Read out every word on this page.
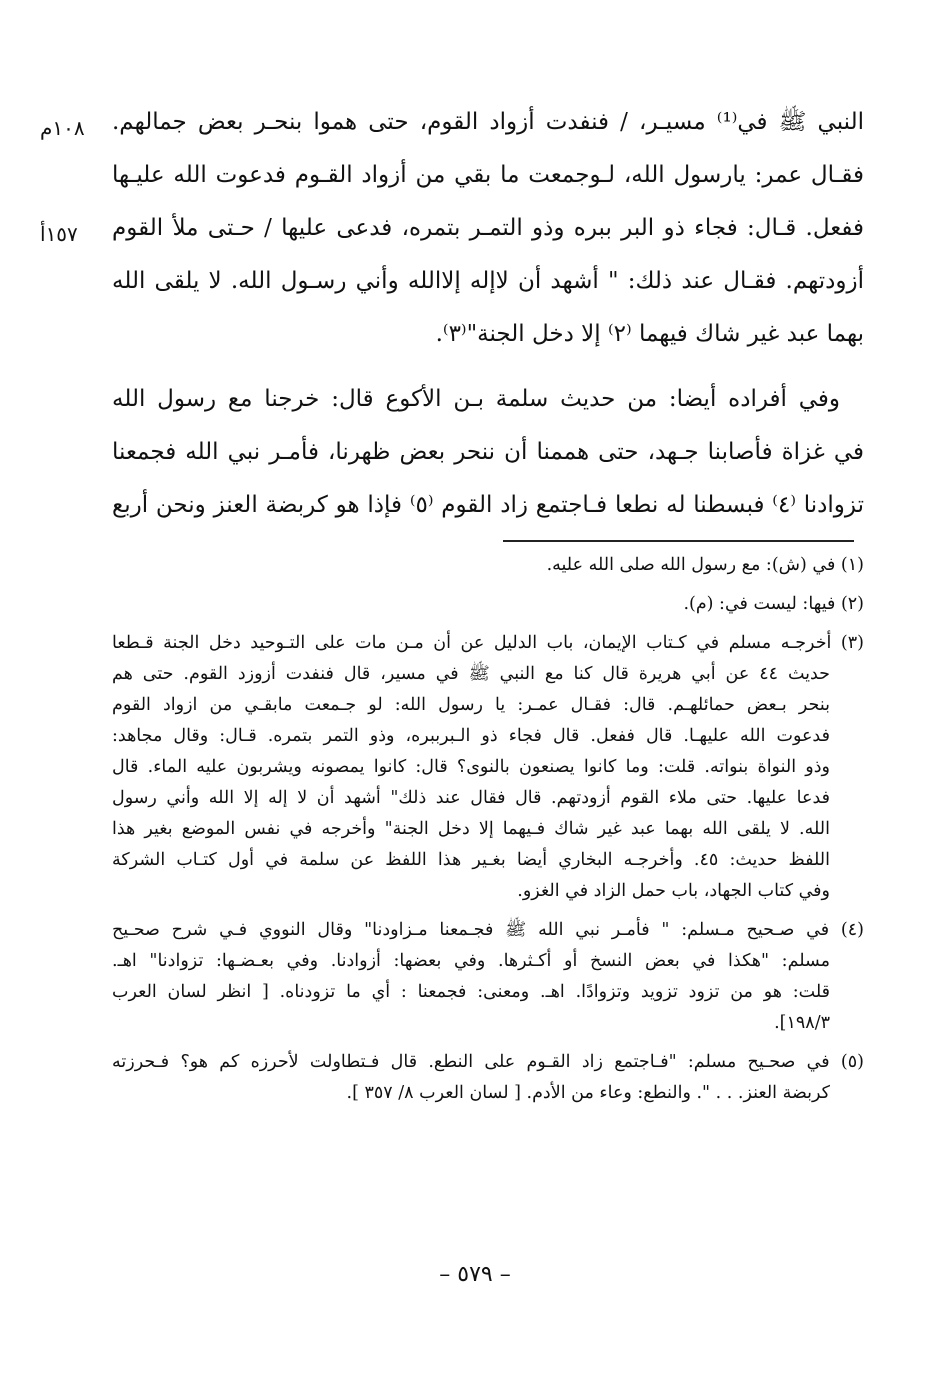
١٠٨م
١٥٧أ
النبي ﷺ في⁽¹⁾ مسيـر، / فنفدت أزواد القوم، حتى هموا بنحـر بعض جمالهم.
فقـال عمر: يارسول الله، لـوجمعت ما بقي من أزواد القـوم فدعوت الله عليـها
ففعل. قـال: فجاء ذو البر ببره وذو التمـر بتمره، فدعى عليها / حـتى ملأ القوم
أزودتهم. فقـال عند ذلك: " أشهد أن لاإله إلاالله وأني رسـول الله. لا يلقى الله
بهما عبد غير شاك فيهما ⁽٢⁾ إلا دخل الجنة"⁽٣⁾.
وفي أفراده أيضا: من حديث سلمة بـن الأكوع قال: خرجنا مع رسول الله
في غزاة فأصابنا جـهد، حتى هممنا أن ننحر بعض ظهرنا، فأمـر نبي الله فجمعنا
تزوادنا ⁽٤⁾ فبسطنا له نطعا فـاجتمع زاد القوم ⁽٥⁾ فإذا هو كربضة العنز ونحن أربع
(١) في (ش): مع رسول الله صلى الله عليه.
(٢) فيها: ليست في: (م).
(٣) أخرجـه مسلم في كـتاب الإيمان، باب الدليل عن أن مـن مات على التـوحيد دخل الجنة قـطعا
حديث ٤٤ عن أبي هريرة قال كنا مع النبي ﷺ في مسير، قال فنفدت أزوزد القوم. حتى هم
بنحر بـعض حمائلهـم. قال: فقـال عمـر: يا رسول الله: لو جـمعت مابقـي من ازواد القوم
فدعوت الله عليهـا. قال ففعل. قال فجاء ذو الـبرببره، وذو التمر بتمره. قـال: وقال مجاهد:
وذو النواة بنواته. قلت: وما كانوا يصنعون بالنوى؟ قال: كانوا يمصونه ويشربون عليه الماء. قال
فدعا عليها. حتى ملاء القوم أزودتهم. قال فقال عند ذلك" أشهد أن لا إله إلا الله وأني رسول
الله. لا يلقى الله بهما عبد غير شاك فـيهما إلا دخل الجنة" وأخرجه في نفس الموضع بغير هذا
اللفظ حديث: ٤٥. وأخرجـه البخاري أيضا بغـير هذا اللفظ عن سلمة في أول كتـاب الشركة
وفي كتاب الجهاد، باب حمل الزاد في الغزو.
(٤) في صـحيح مـسلم: " فأمـر نبي الله ﷺ فجـمعنا مـزاودنا" وقال النووي فـي شرح صحـيح
مسلم: "هكذا في بعض النسخ أو أكـثرها. وفي بعضها: أزوادنا. وفي بعـضـها: تزوادنا" اهـ.
قلت: هو من تزود تزويد وتزوادًا. اهـ. ومعنى: فجمعنا : أي ما تزودناه. [ انظر لسان العرب
١٩٨/٣].
(٥) في صحـيح مسلم: "فـاجتمع زاد القـوم على النطع. قال فـتطاولت لأحرزه كم هو؟ فـحرزته
كربضة العنز. . . ". والنطع: وعاء من الأدم. [ لسان العرب ٨/ ٣٥٧ ].
– ٥٧٩ –
